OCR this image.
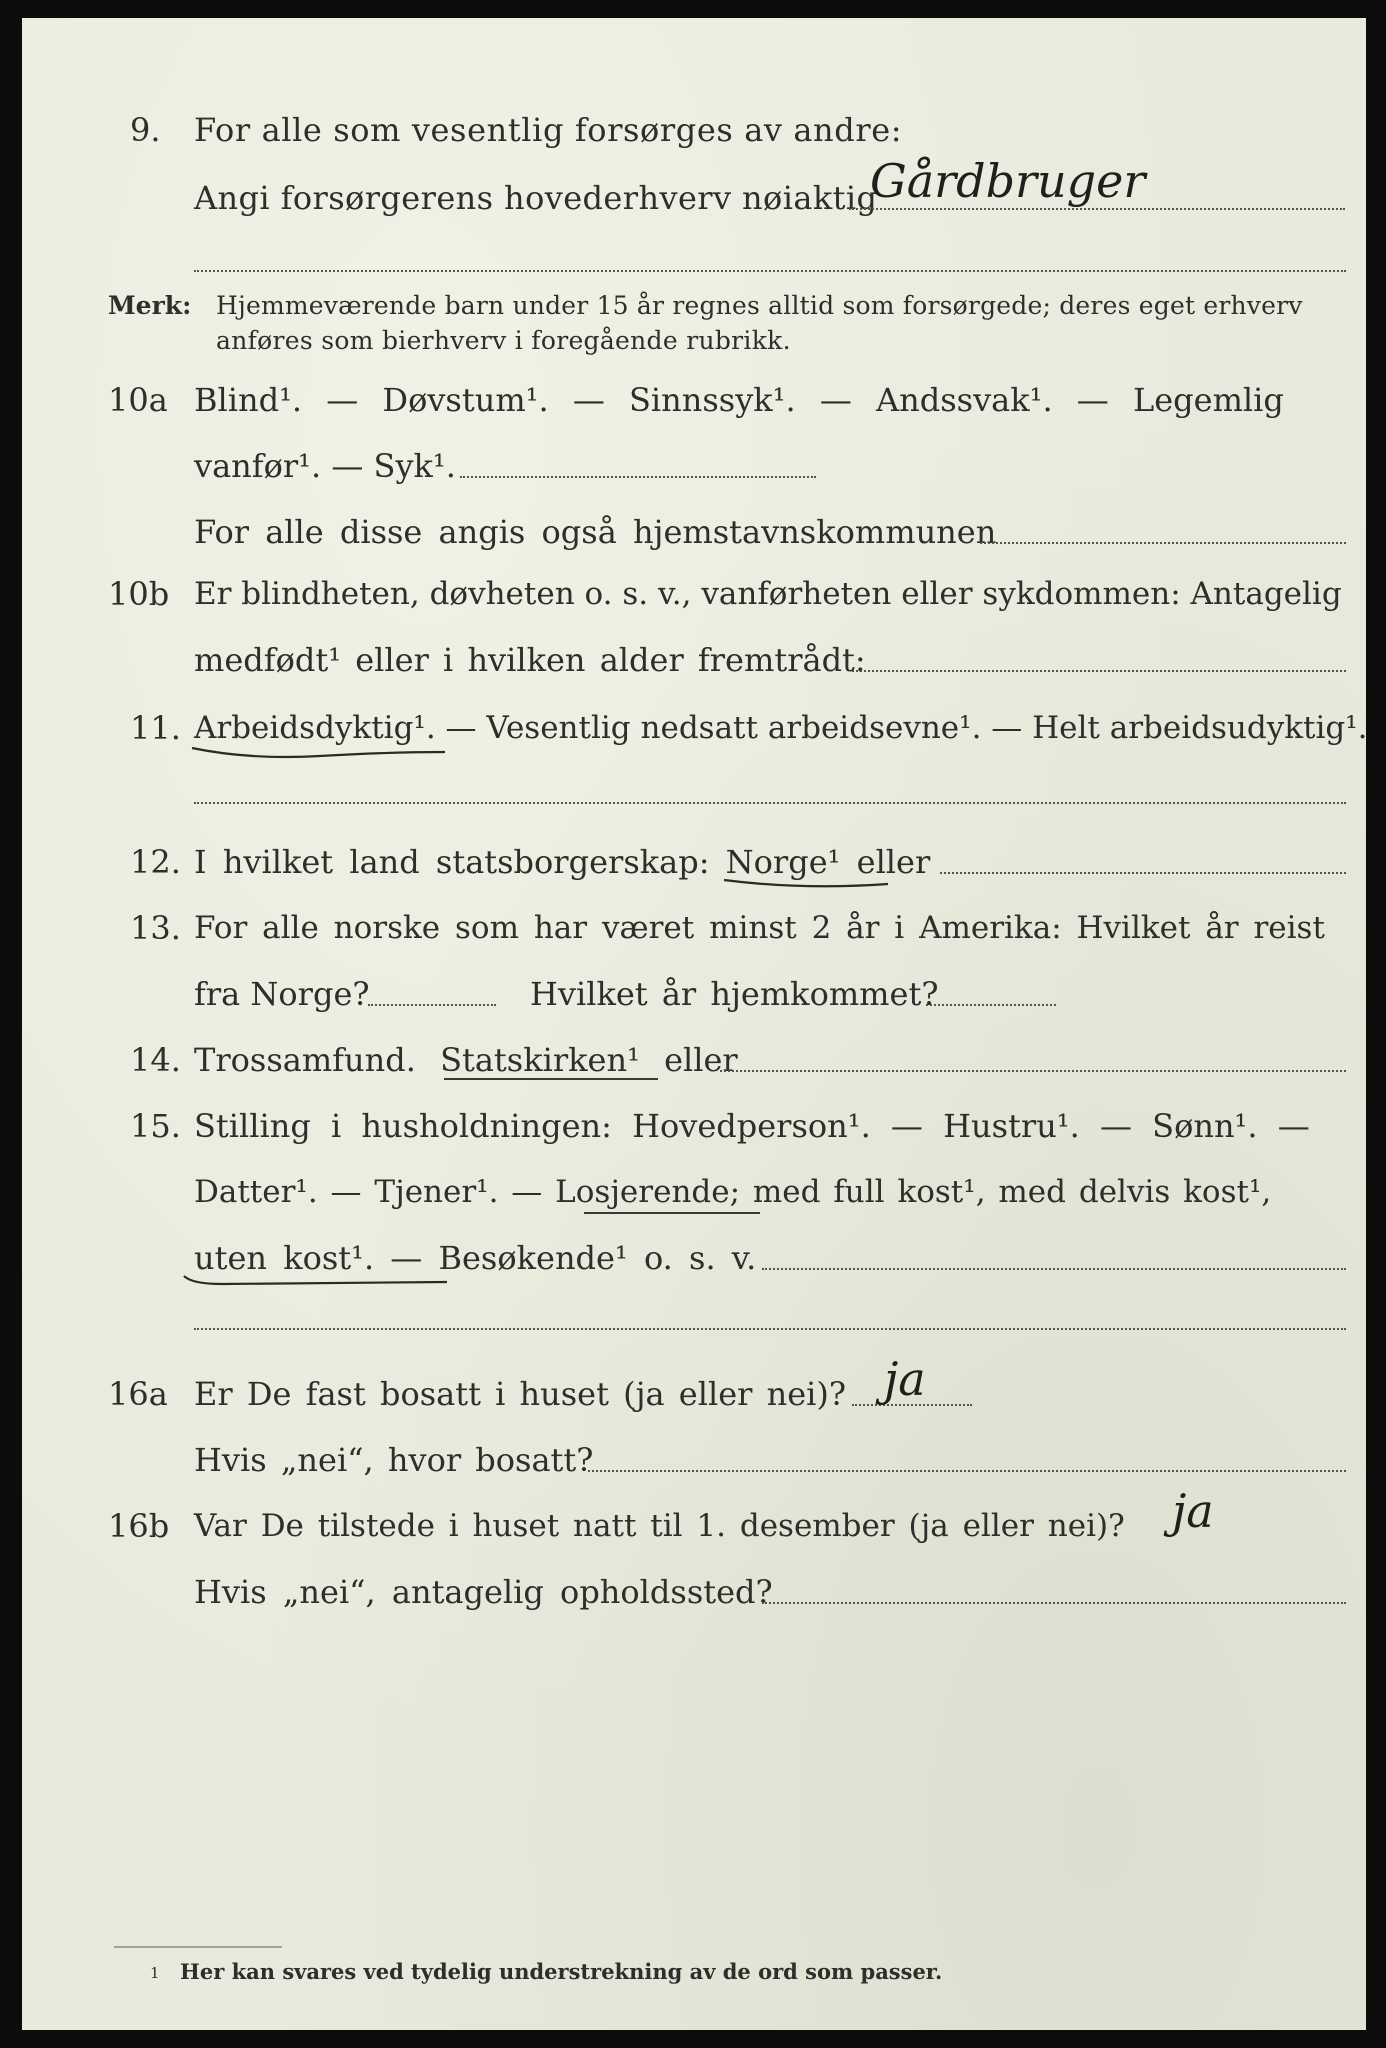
9. For alle som vesentlig forsørges av andre:
Angi forsørgerens hovederhverv nøiaktig
Gårdbruger
Merk: Hjemmeværende barn under 15 år regnes alltid som forsørgede; deres eget erhverv
anføres som bierhverv i foregående rubrikk.
10a Blind¹. — Døvstum¹. — Sinnssyk¹. — Andssvak¹. — Legemlig
vanfør¹. — Syk¹.
For alle disse angis også hjemstavnskommunen
10b Er blindheten, døvheten o. s. v., vanførheten eller sykdommen: Antagelig
medfødt¹ eller i hvilken alder fremtrådt:
11. Arbeidsdyktig¹. — Vesentlig nedsatt arbeidsevne¹. — Helt arbeidsudyktig¹.
12. I hvilket land statsborgerskap: Norge¹ eller
13. For alle norske som har været minst 2 år i Amerika: Hvilket år reist
fra Norge?	Hvilket år hjemkommet?
14. Trossamfund. Statskirken¹ eller
15. Stilling i husholdningen: Hovedperson¹. — Hustru¹. — Sønn¹. —
Datter¹. — Tjener¹. — Losjerende; med full kost¹, med delvis kost¹,
uten kost¹. — Besøkende¹ o. s. v.
16a Er De fast bosatt i huset (ja eller nei)? ja
Hvis „nei“, hvor bosatt?
16b Var De tilstede i huset natt til 1. desember (ja eller nei)? ja
Hvis „nei“, antagelig opholdssted?
1 Her kan svares ved tydelig understrekning av de ord som passer.
